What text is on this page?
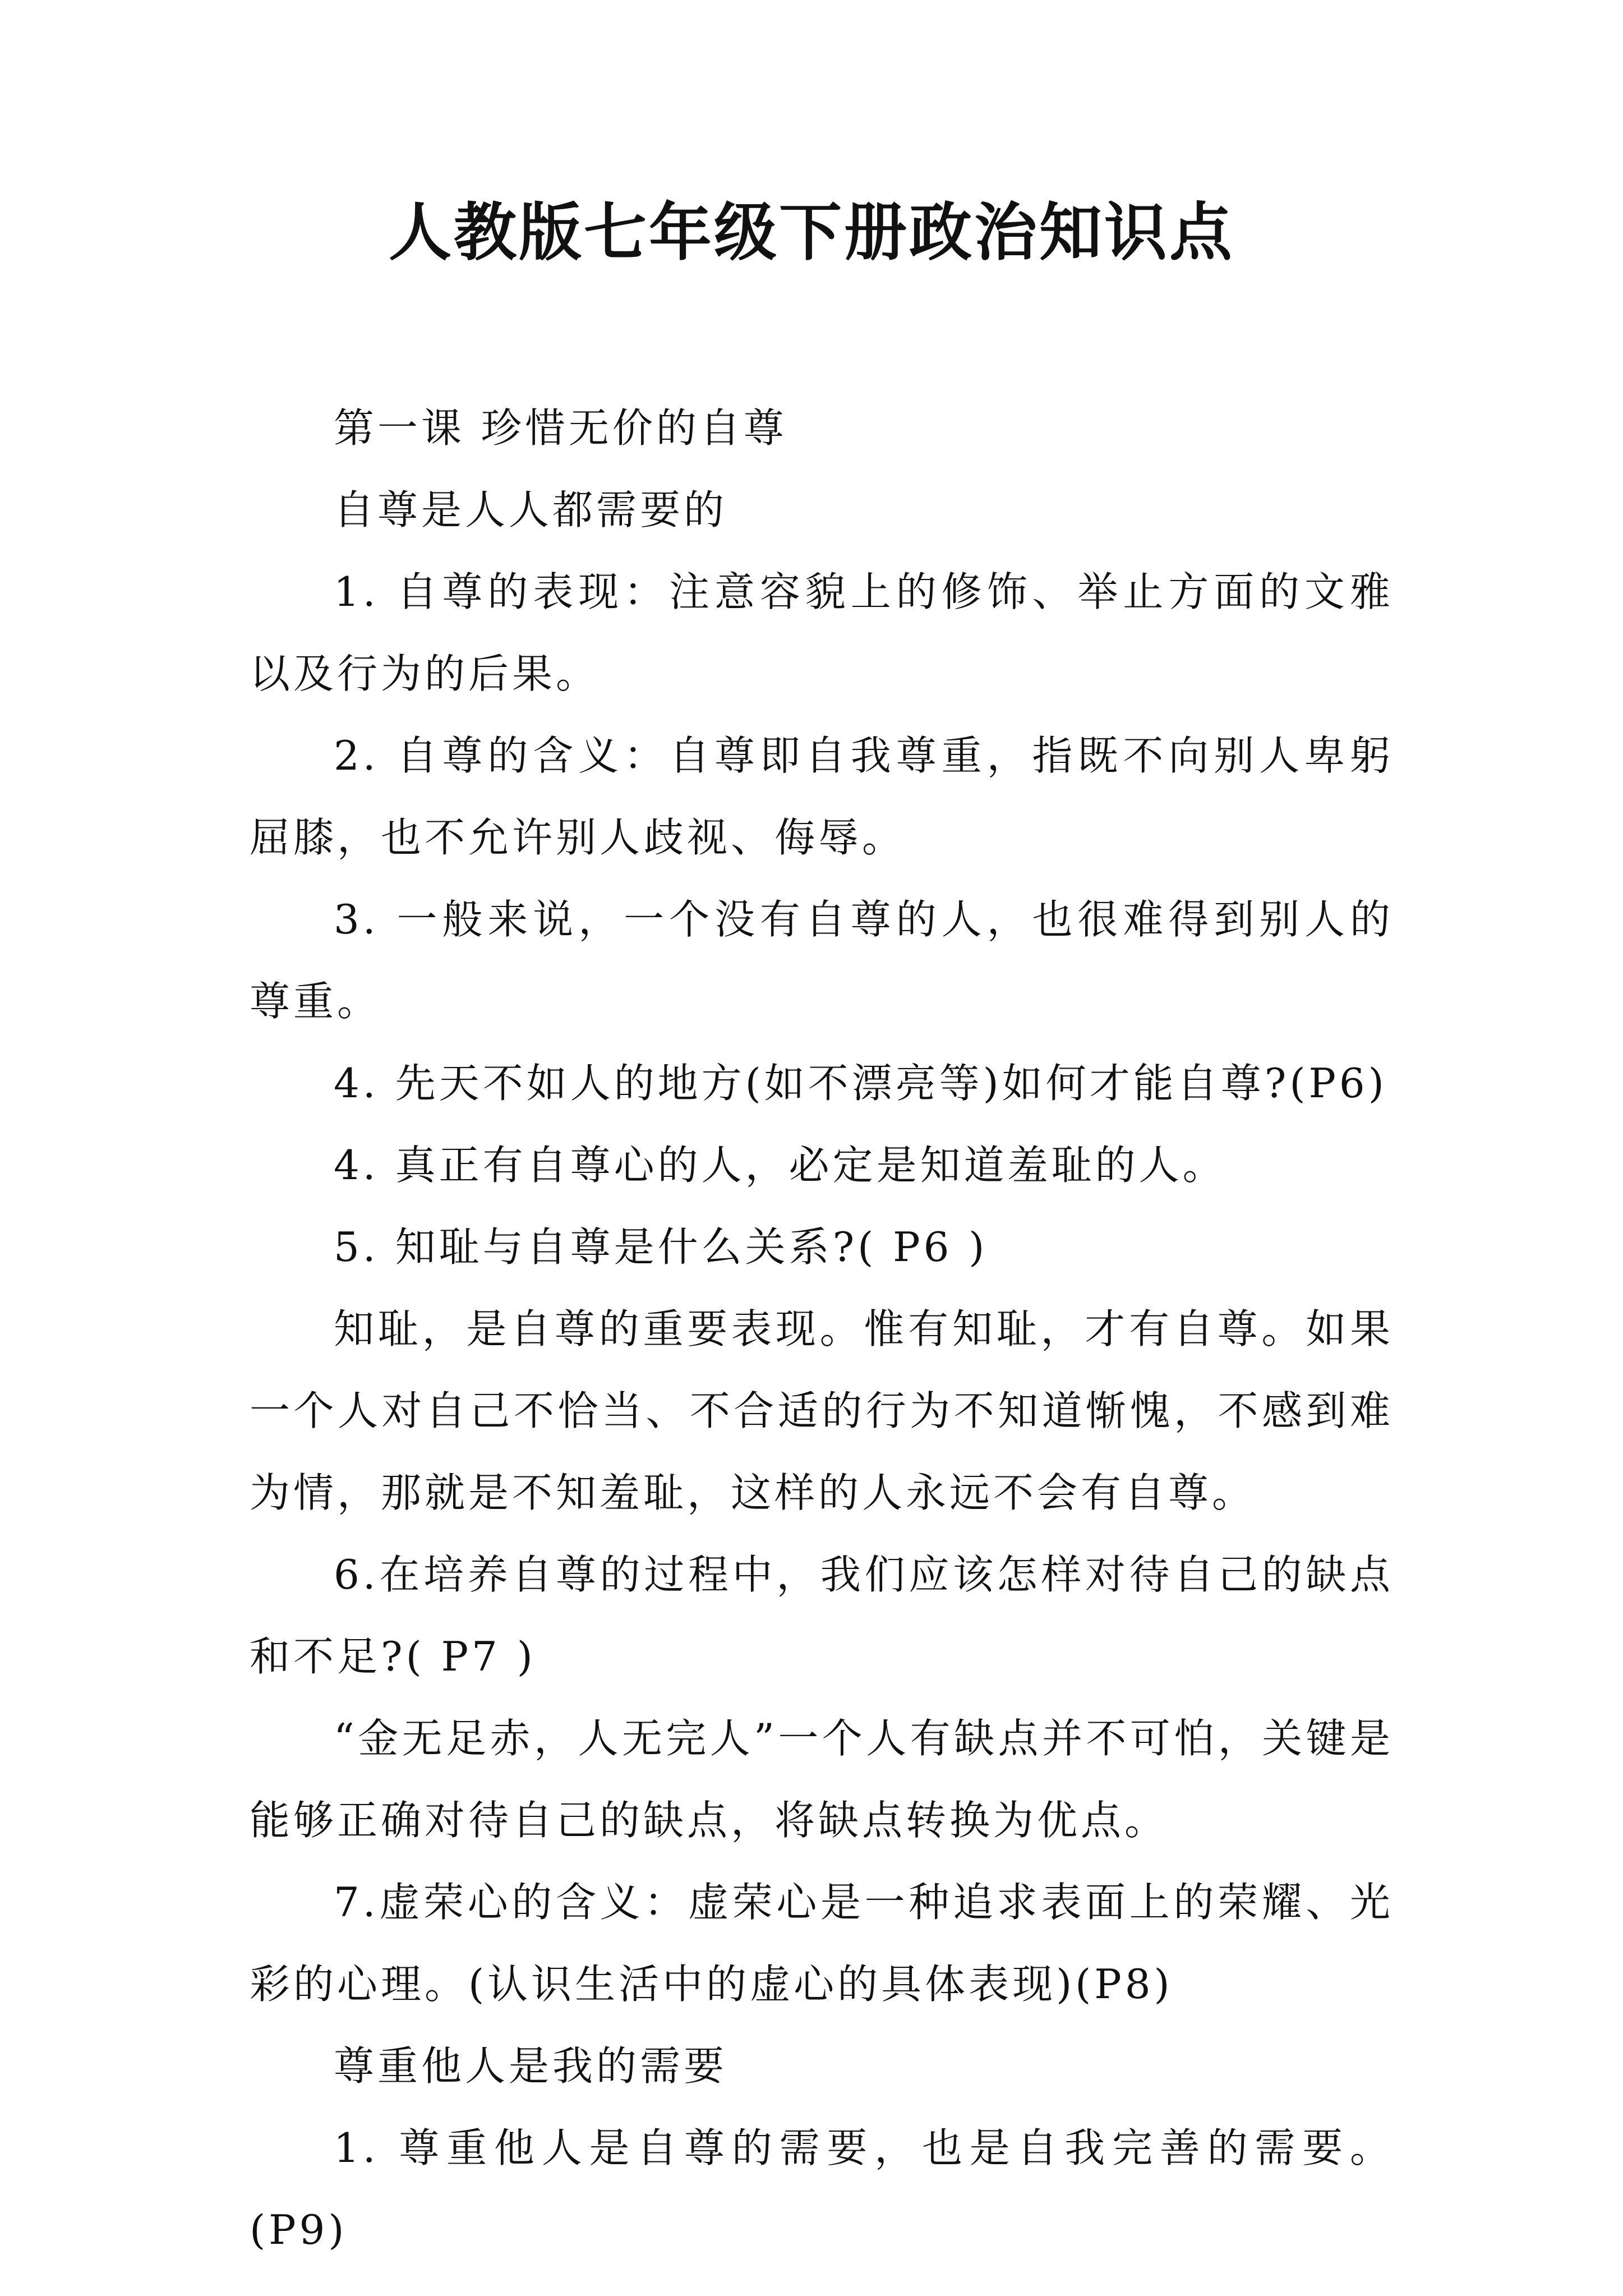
人教版七年级下册政治知识点

第一课 珍惜无价的自尊

自尊是人人都需要的

1. 自尊的表现：注意容貌上的修饰、举止方面的文雅以及行为的后果。

2. 自尊的含义：自尊即自我尊重，指既不向别人卑躬屈膝，也不允许别人歧视、侮辱。

3. 一般来说，一个没有自尊的人，也很难得到别人的尊重。

4. 先天不如人的地方(如不漂亮等)如何才能自尊?(P6)

4. 真正有自尊心的人，必定是知道羞耻的人。

5. 知耻与自尊是什么关系?( P6 )

知耻，是自尊的重要表现。惟有知耻，才有自尊。如果一个人对自己不恰当、不合适的行为不知道惭愧，不感到难为情，那就是不知羞耻，这样的人永远不会有自尊。

6.在培养自尊的过程中，我们应该怎样对待自己的缺点和不足?( P7 )

“金无足赤，人无完人”一个人有缺点并不可怕，关键是能够正确对待自己的缺点，将缺点转换为优点。

7.虚荣心的含义：虚荣心是一种追求表面上的荣耀、光彩的心理。(认识生活中的虚心的具体表现)(P8)

尊重他人是我的需要

1. 尊重他人是自尊的需要，也是自我完善的需要。(P9)
